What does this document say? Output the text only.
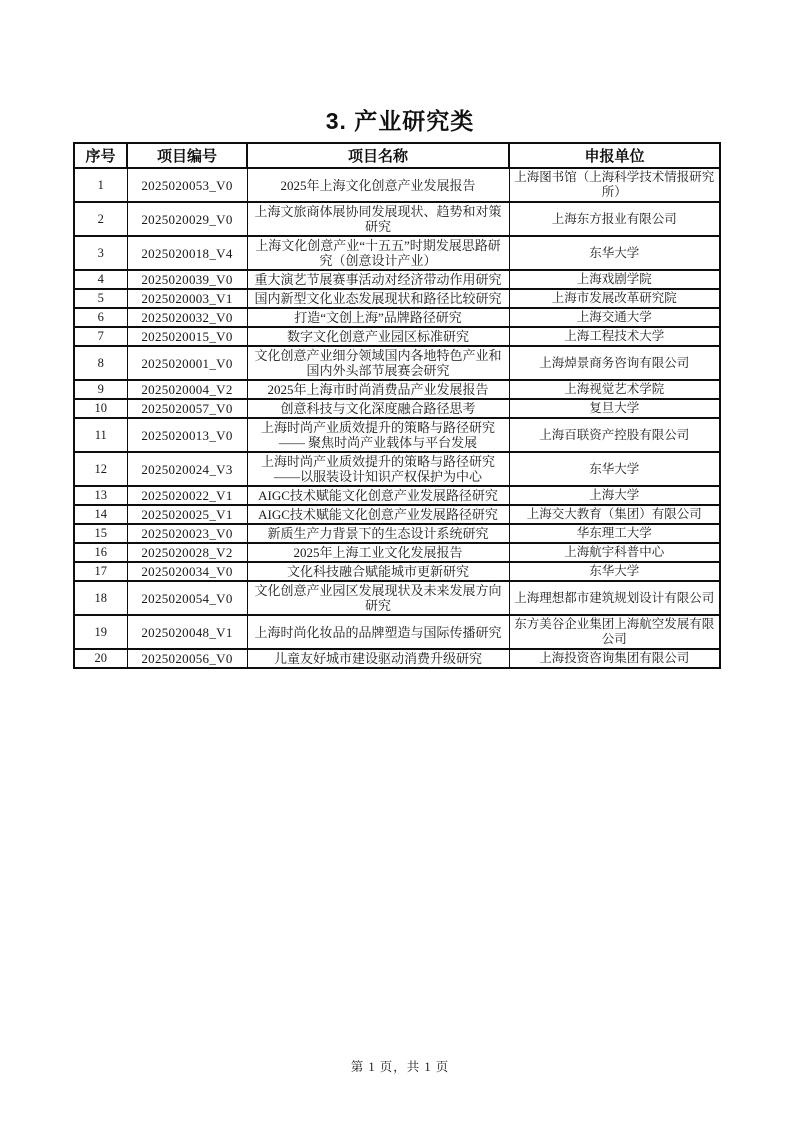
3. 产业研究类
序号	项目编号	项目名称	申报单位
1	2025020053_V0	2025年上海文化创意产业发展报告	上海图书馆（上海科学技术情报研究所）
2	2025020029_V0	上海文旅商体展协同发展现状、趋势和对策研究	上海东方报业有限公司
3	2025020018_V4	上海文化创意产业“十五五”时期发展思路研究（创意设计产业）	东华大学
4	2025020039_V0	重大演艺节展赛事活动对经济带动作用研究	上海戏剧学院
5	2025020003_V1	国内新型文化业态发展现状和路径比较研究	上海市发展改革研究院
6	2025020032_V0	打造“文创上海”品牌路径研究	上海交通大学
7	2025020015_V0	数字文化创意产业园区标准研究	上海工程技术大学
8	2025020001_V0	文化创意产业细分领域国内各地特色产业和国内外头部节展赛会研究	上海焯景商务咨询有限公司
9	2025020004_V2	2025年上海市时尚消费品产业发展报告	上海视觉艺术学院
10	2025020057_V0	创意科技与文化深度融合路径思考	复旦大学
11	2025020013_V0	上海时尚产业质效提升的策略与路径研究—— 聚焦时尚产业载体与平台发展	上海百联资产控股有限公司
12	2025020024_V3	上海时尚产业质效提升的策略与路径研究——以服装设计知识产权保护为中心	东华大学
13	2025020022_V1	AIGC技术赋能文化创意产业发展路径研究	上海大学
14	2025020025_V1	AIGC技术赋能文化创意产业发展路径研究	上海交大教育（集团）有限公司
15	2025020023_V0	新质生产力背景下的生态设计系统研究	华东理工大学
16	2025020028_V2	2025年上海工业文化发展报告	上海航宇科普中心
17	2025020034_V0	文化科技融合赋能城市更新研究	东华大学
18	2025020054_V0	文化创意产业园区发展现状及未来发展方向研究	上海理想都市建筑规划设计有限公司
19	2025020048_V1	上海时尚化妆品的品牌塑造与国际传播研究	东方美谷企业集团上海航空发展有限公司
20	2025020056_V0	儿童友好城市建设驱动消费升级研究	上海投资咨询集团有限公司
第 1 页，共 1 页
